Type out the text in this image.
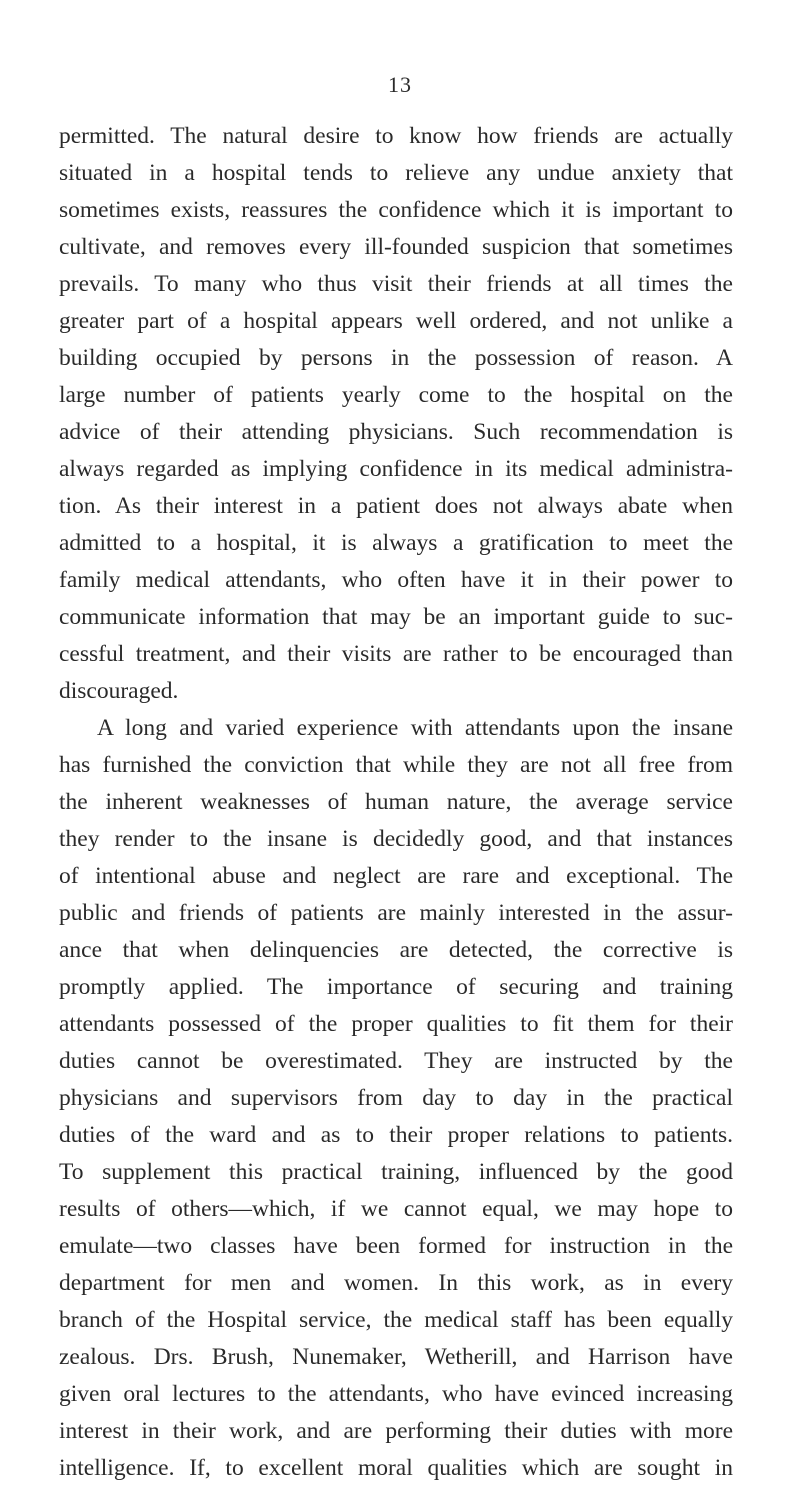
13
permitted. The natural desire to know how friends are actually
situated in a hospital tends to relieve any undue anxiety that
sometimes exists, reassures the confidence which it is important to
cultivate, and removes every ill-founded suspicion that sometimes
prevails. To many who thus visit their friends at all times the
greater part of a hospital appears well ordered, and not unlike a
building occupied by persons in the possession of reason. A
large number of patients yearly come to the hospital on the
advice of their attending physicians. Such recommendation is
always regarded as implying confidence in its medical administra-
tion. As their interest in a patient does not always abate when
admitted to a hospital, it is always a gratification to meet the
family medical attendants, who often have it in their power to
communicate information that may be an important guide to suc-
cessful treatment, and their visits are rather to be encouraged than
discouraged.
A long and varied experience with attendants upon the insane
has furnished the conviction that while they are not all free from
the inherent weaknesses of human nature, the average service
they render to the insane is decidedly good, and that instances
of intentional abuse and neglect are rare and exceptional. The
public and friends of patients are mainly interested in the assur-
ance that when delinquencies are detected, the corrective is
promptly applied. The importance of securing and training
attendants possessed of the proper qualities to fit them for their
duties cannot be overestimated. They are instructed by the
physicians and supervisors from day to day in the practical
duties of the ward and as to their proper relations to patients.
To supplement this practical training, influenced by the good
results of others—which, if we cannot equal, we may hope to
emulate—two classes have been formed for instruction in the
department for men and women. In this work, as in every
branch of the Hospital service, the medical staff has been equally
zealous. Drs. Brush, Nunemaker, Wetherill, and Harrison have
given oral lectures to the attendants, who have evinced increasing
interest in their work, and are performing their duties with more
intelligence. If, to excellent moral qualities which are sought in
